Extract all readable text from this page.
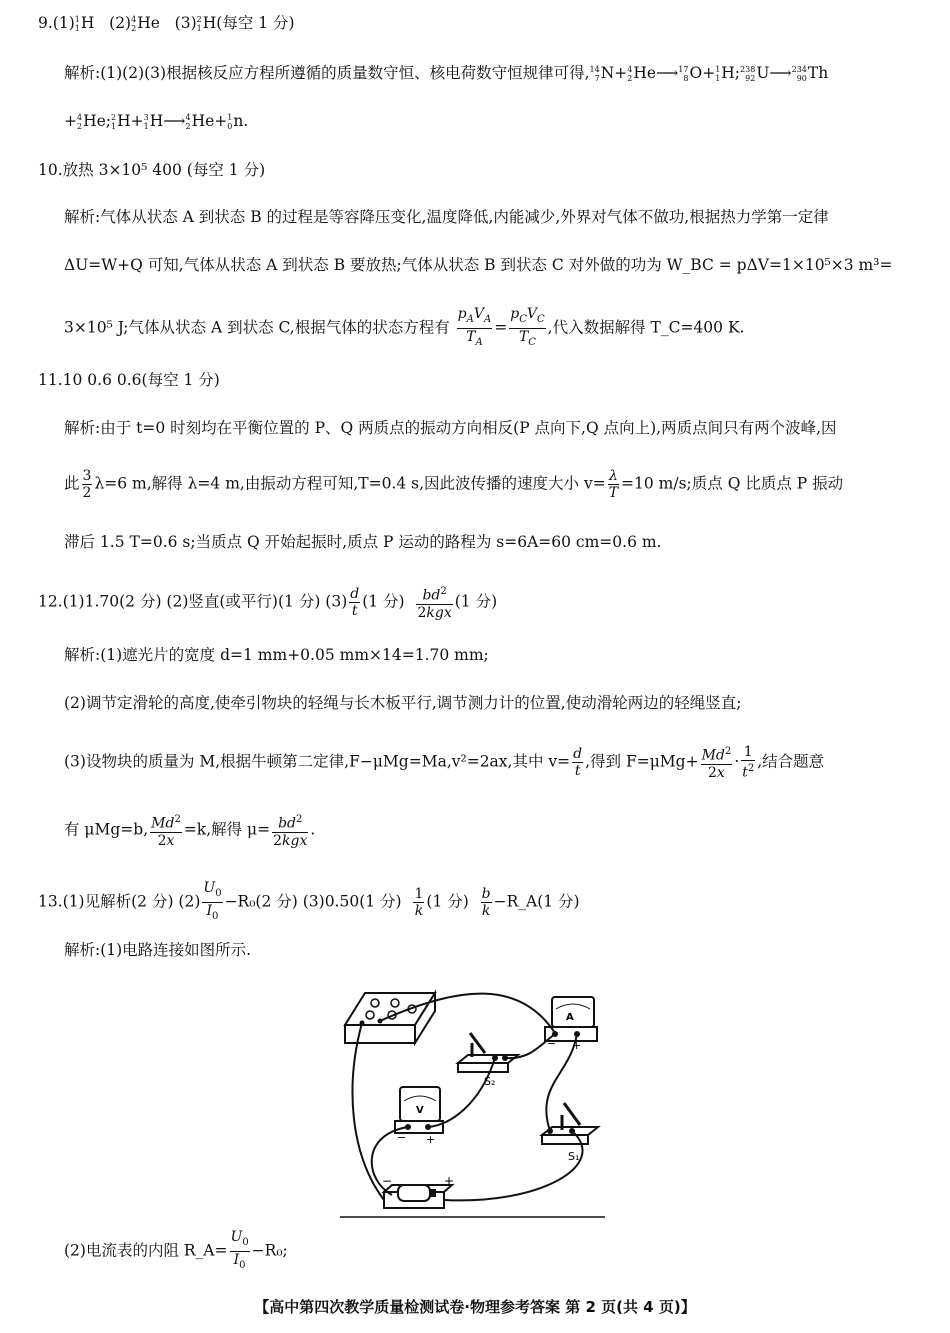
9.(1) 1
1 H   (2) 4
2 He   (3) 2
1 H(每空 1 分)
解析:(1)(2)(3)根据核反应方程所遵循的质量数守恒、核电荷数守恒规律可得, 14
7 N+ 4
2 He⟶ 17
8 O+ 1
1 H; 238
92 U⟶ 234
90 Th
+ 4
2 He; 2
1 H+ 3
1 H⟶ 4
2 He+ 1
0 n.
10.放热 3×10⁵ 400 (每空 1 分)
解析:气体从状态 A 到状态 B 的过程是等容降压变化,温度降低,内能减少,外界对气体不做功,根据热力学第一定律
ΔU=W+Q 可知,气体从状态 A 到状态 B 要放热;气体从状态 B 到状态 C 对外做的功为 W_BC = pΔV=1×10⁵×3 m³=
3×10⁵ J;气体从状态 A 到状态 C,根据气体的状态方程有 $\frac{p_AV_A}{T_A} = \frac{p_CV_C}{T_C}$ ,代入数据解得 T_C=400 K.
11.10 0.6 0.6(每空 1 分)
解析:由于 t=0 时刻均在平衡位置的 P、Q 两质点的振动方向相反(P 点向下,Q 点向上),两质点间只有两个波峰,因
此 $\frac{3}{2} \lambda=6$ m,解得 λ=4 m,由振动方程可知,T=0.4 s,因此波传播的速度大小 $v= \frac{\lambda}{T} =10$ m/s;质点 Q 比质点 P 振动
滞后 1.5 T=0.6 s;当质点 Q 开始起振时,质点 P 运动的路程为 s=6A=60 cm=0.6 m.
12.(1)1.70(2 分) (2)竖直(或平行)(1 分) $(3) \frac{d}{t} (1$ 分) $\frac{bd^2}{\text{2kgx}} (1$ 分)
解析:(1)遮光片的宽度 d=1 mm+0.05 mm×14=1.70 mm;
(2)调节定滑轮的高度,使牵引物块的轻绳与长木板平行,调节测力计的位置,使动滑轮两边的轻绳竖直;
(3)设物块的质量为 M,根据牛顿第二定律,F−μMg=Ma,v²=2ax,其中 $v= \frac{d}{t}$ ,得到 $F=\mu Mg+ \frac{Md^2}{2x} \cdot \frac{1}{t^2}$ ,结合题意
有 μMg=b, $\frac{Md^2}{2x} =k$,解得 $\mu= \frac{bd^2}{\text{2kgx}}$ .
13.(1)见解析(2 分) $(2) \frac{U_0}{I_0} -R_0(2$ 分) (3)0.50(1 分) $\frac{1}{k} (1$ 分) $\frac{b}{k}$ −R_A(1 分)
解析:(1)电路连接如图所示.
A
− +
S₂
V
− +
S₁
−	+
(2)电流表的内阻 R_A= $\frac{U_0}{I_0} -R_0$;
【高中第四次教学质量检测试卷·物理参考答案 第 2 页(共 4 页)】
